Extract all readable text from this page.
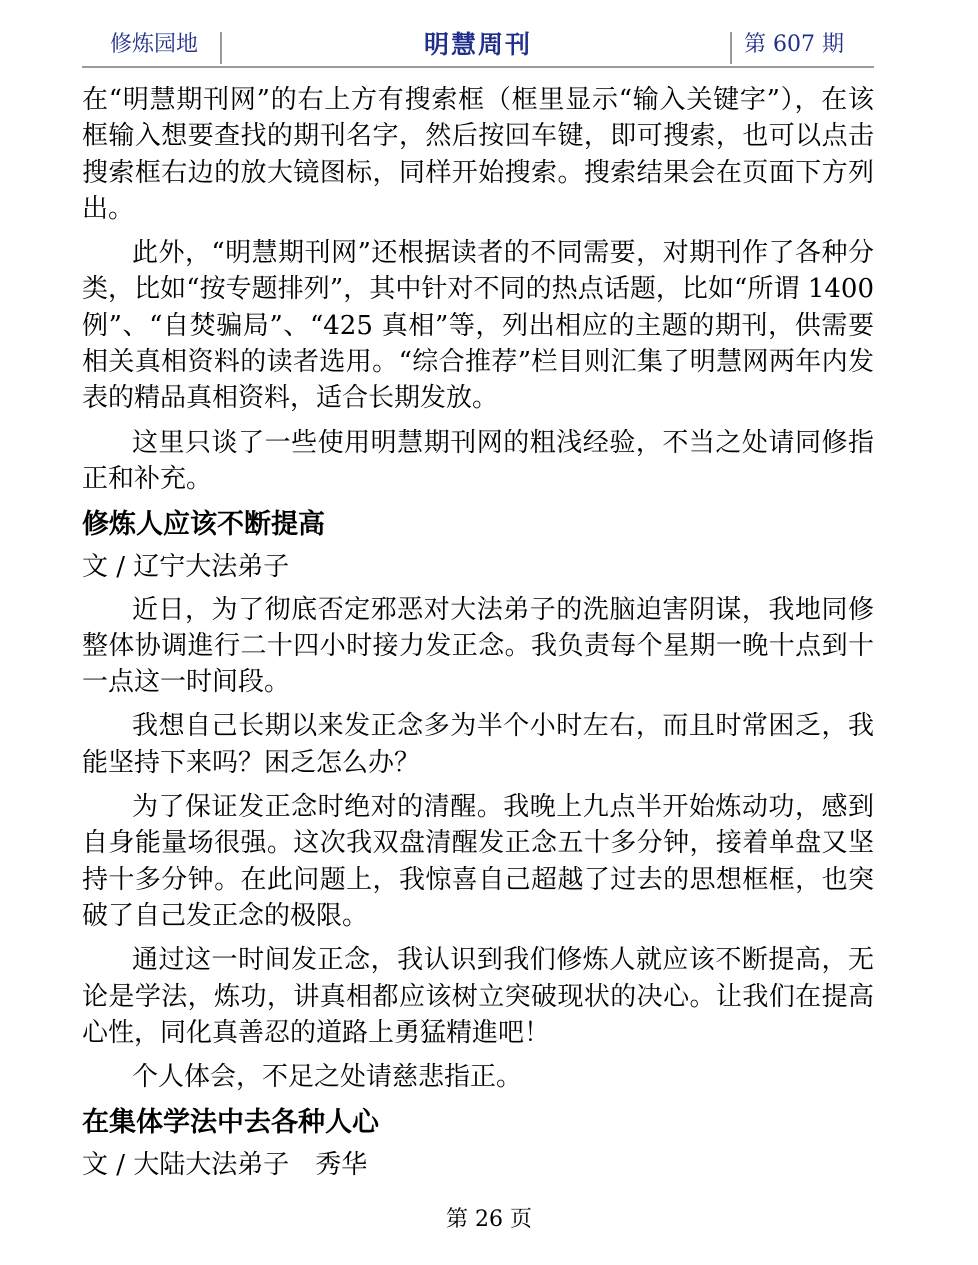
修炼园地	明慧周刊	第 607 期

在“明慧期刊网”的右上方有搜索框（框里显示“输入关键字”），在该框输入想要查找的期刊名字，然后按回车键，即可搜索，也可以点击搜索框右边的放大镜图标，同样开始搜索。搜索结果会在页面下方列出。

此外，“明慧期刊网”还根据读者的不同需要，对期刊作了各种分类，比如“按专题排列”，其中针对不同的热点话题，比如“所谓 1400 例”、“自焚骗局”、“425 真相”等，列出相应的主题的期刊，供需要相关真相资料的读者选用。“综合推荐”栏目则汇集了明慧网两年内发表的精品真相资料，适合长期发放。

这里只谈了一些使用明慧期刊网的粗浅经验，不当之处请同修指正和补充。

修炼人应该不断提高

文 / 辽宁大法弟子

近日，为了彻底否定邪恶对大法弟子的洗脑迫害阴谋，我地同修整体协调進行二十四小时接力发正念。我负责每个星期一晚十点到十一点这一时间段。

我想自己长期以来发正念多为半个小时左右，而且时常困乏，我能坚持下来吗？困乏怎么办？

为了保证发正念时绝对的清醒。我晚上九点半开始炼动功，感到自身能量场很强。这次我双盘清醒发正念五十多分钟，接着单盘又坚持十多分钟。在此问题上，我惊喜自己超越了过去的思想框框，也突破了自己发正念的极限。

通过这一时间发正念，我认识到我们修炼人就应该不断提高，无论是学法，炼功，讲真相都应该树立突破现状的决心。让我们在提高心性，同化真善忍的道路上勇猛精進吧！

个人体会，不足之处请慈悲指正。

在集体学法中去各种人心

文 / 大陆大法弟子　秀华

第 26 页
